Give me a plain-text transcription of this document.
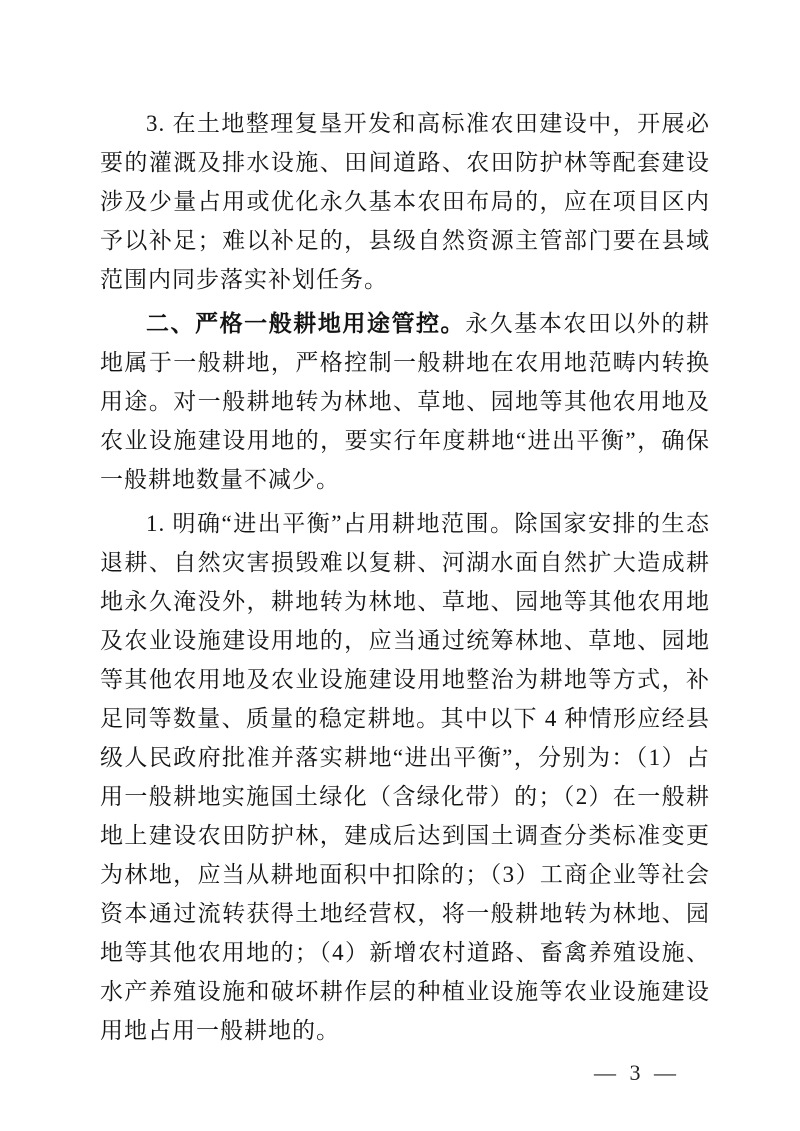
3. 在土地整理复垦开发和高标准农田建设中，开展必要的灌溉及排水设施、田间道路、农田防护林等配套建设涉及少量占用或优化永久基本农田布局的，应在项目区内予以补足；难以补足的，县级自然资源主管部门要在县域范围内同步落实补划任务。

二、严格一般耕地用途管控。永久基本农田以外的耕地属于一般耕地，严格控制一般耕地在农用地范畴内转换用途。对一般耕地转为林地、草地、园地等其他农用地及农业设施建设用地的，要实行年度耕地“进出平衡”，确保一般耕地数量不减少。

1. 明确“进出平衡”占用耕地范围。除国家安排的生态退耕、自然灾害损毁难以复耕、河湖水面自然扩大造成耕地永久淹没外，耕地转为林地、草地、园地等其他农用地及农业设施建设用地的，应当通过统筹林地、草地、园地等其他农用地及农业设施建设用地整治为耕地等方式，补足同等数量、质量的稳定耕地。其中以下 4 种情形应经县级人民政府批准并落实耕地“进出平衡”，分别为：（1）占用一般耕地实施国土绿化（含绿化带）的；（2）在一般耕地上建设农田防护林，建成后达到国土调查分类标准变更为林地，应当从耕地面积中扣除的；（3）工商企业等社会资本通过流转获得土地经营权，将一般耕地转为林地、园地等其他农用地的；（4）新增农村道路、畜禽养殖设施、水产养殖设施和破坏耕作层的种植业设施等农业设施建设用地占用一般耕地的。

— 3 —
